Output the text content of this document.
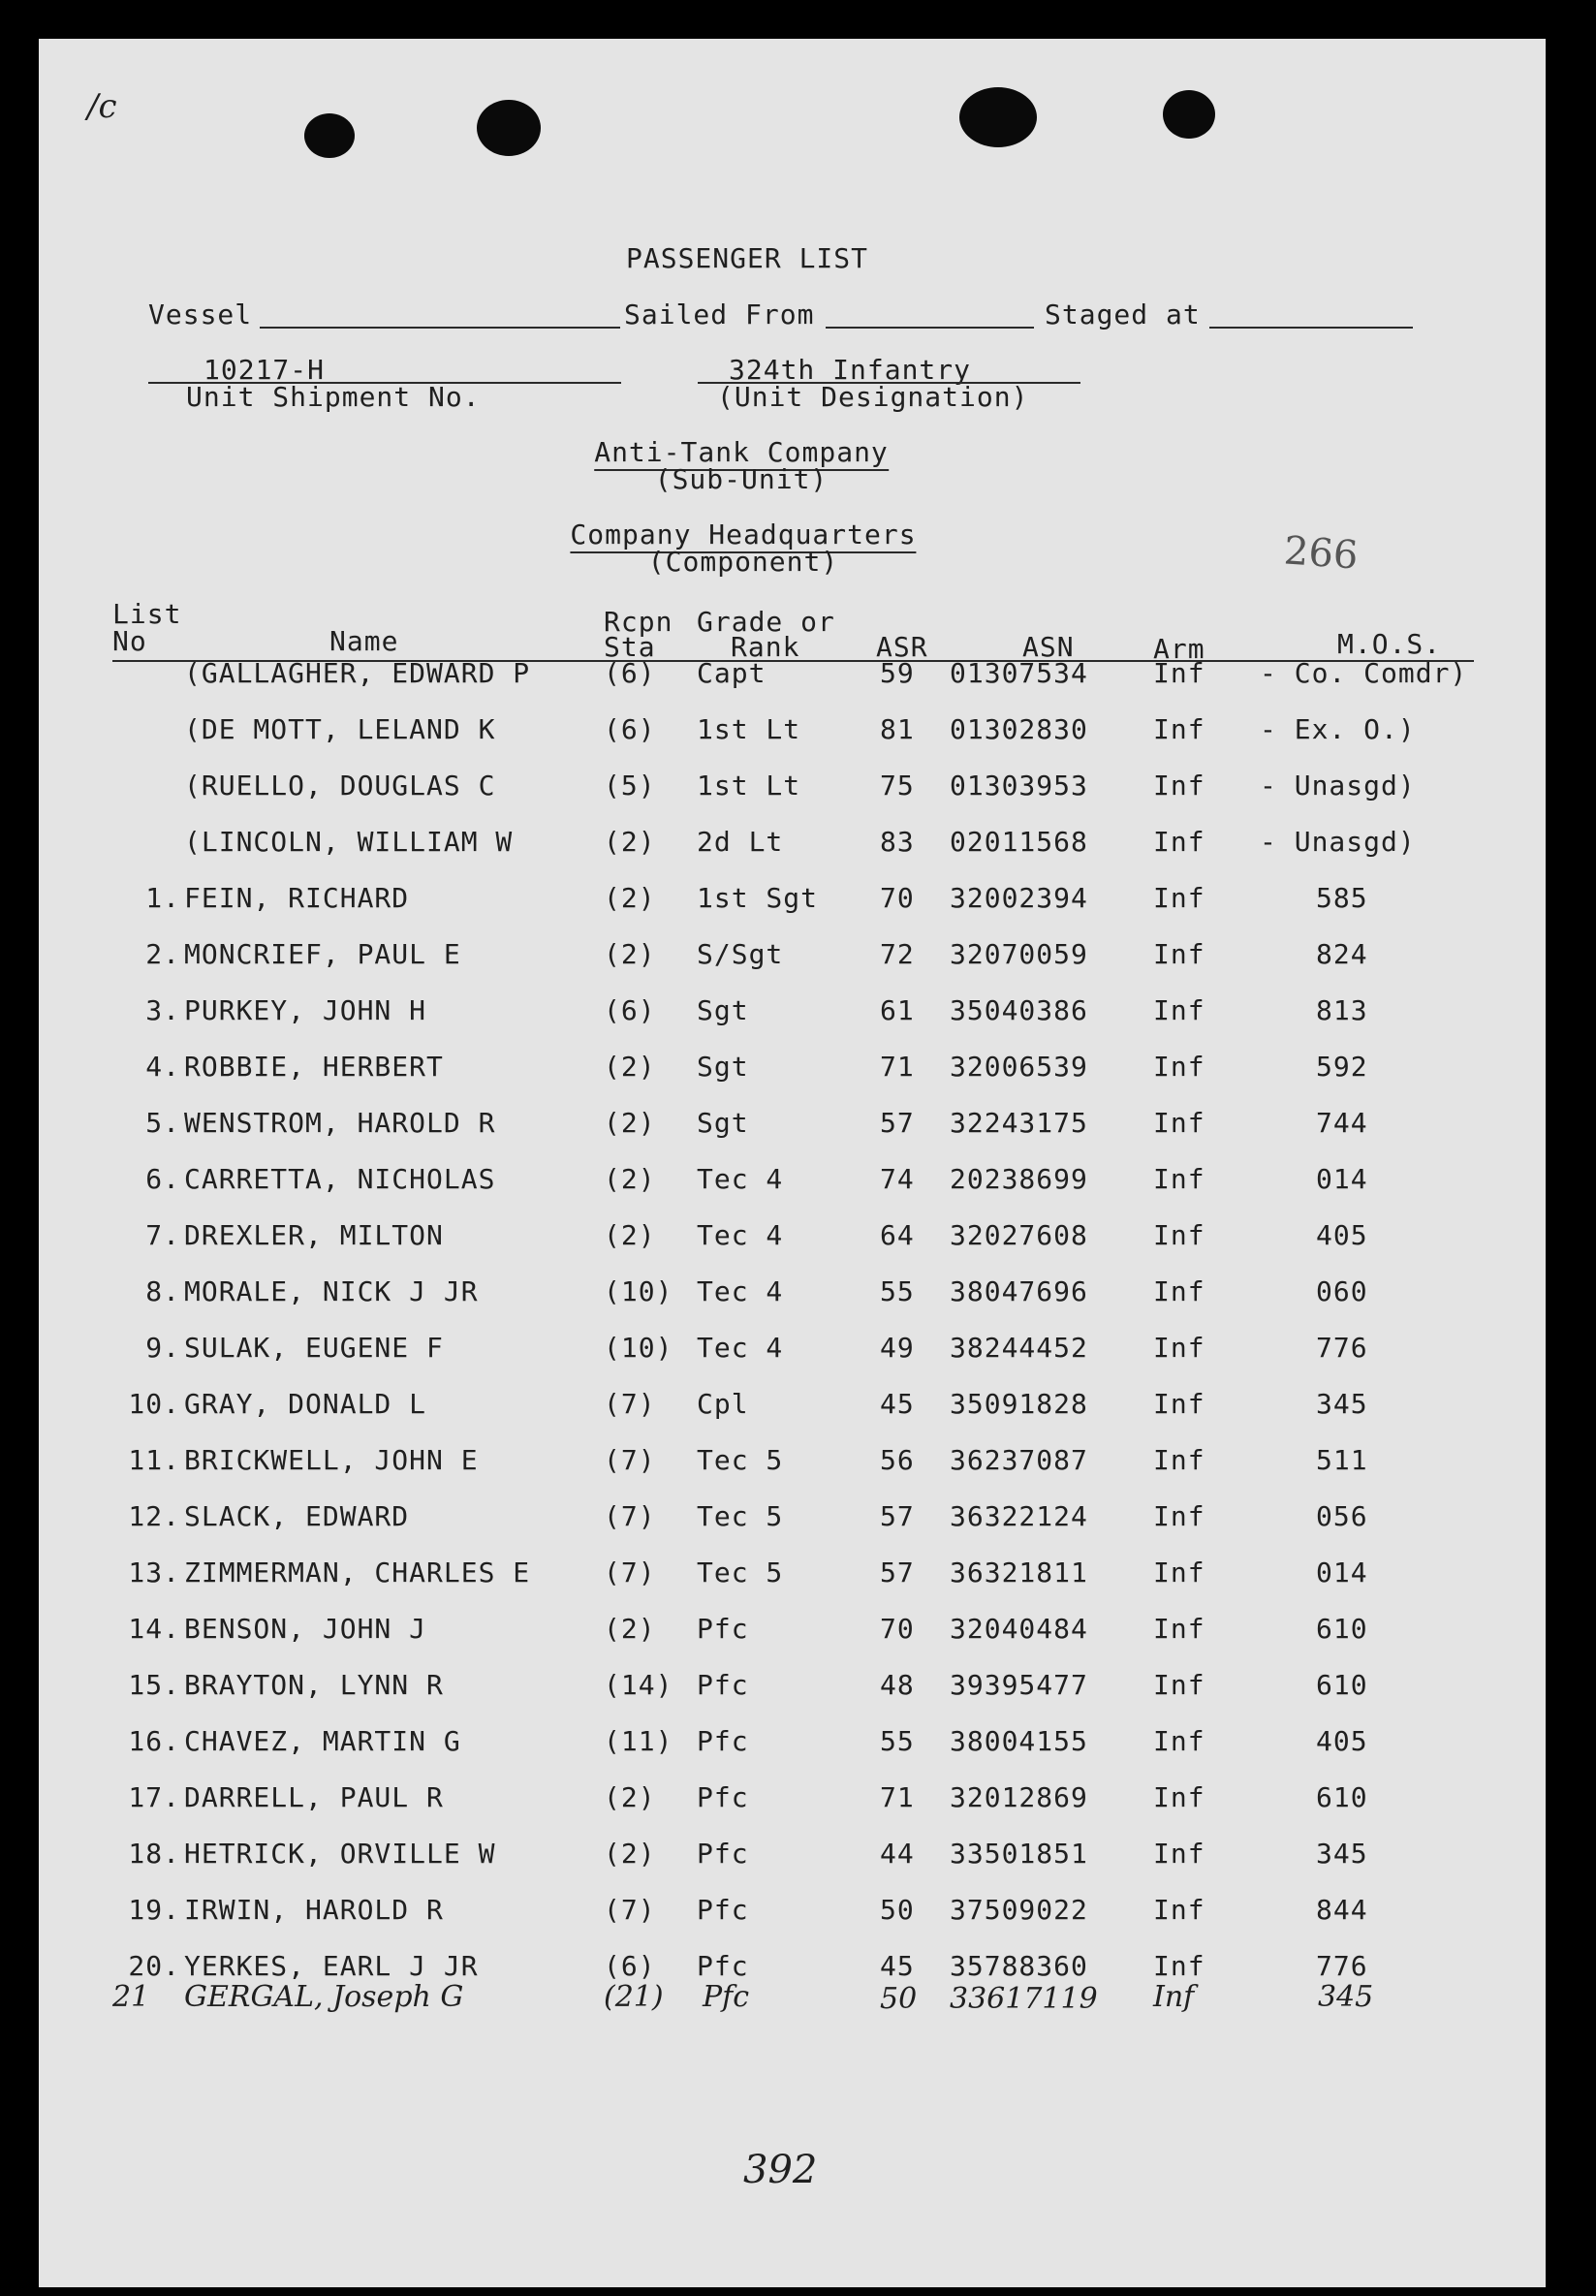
/c
PASSENGER LIST
Vessel	Sailed From	Staged at
10217-H
Unit Shipment No.
324th Infantry
(Unit Designation)
Anti-Tank Company
(Sub-Unit)
Company Headquarters
(Component)	266
List
No	Name
Rcpn
Sta
Grade or
Rank	ASR	ASN	Arm	M.O.S.
(GALLAGHER, EDWARD P	(6) Capt	59 01307534 Inf - Co. Comdr)
(DE MOTT, LELAND K	(6) 1st Lt	81 01302830 Inf - Ex. O.)
(RUELLO, DOUGLAS C	(5) 1st Lt	75 01303953 Inf - Unasgd)
(LINCOLN, WILLIAM W	(2) 2d Lt	83 02011568 Inf - Unasgd)
1. FEIN, RICHARD	(2) 1st Sgt 70 32002394 Inf	585
2. MONCRIEF, PAUL E	(2) S/Sgt	72 32070059 Inf	824
3. PURKEY, JOHN H	(6) Sgt	61 35040386 Inf	813
4. ROBBIE, HERBERT	(2) Sgt	71 32006539 Inf	592
5. WENSTROM, HAROLD R	(2) Sgt	57 32243175 Inf	744
6. CARRETTA, NICHOLAS	(2) Tec 4	74 20238699 Inf	014
7. DREXLER, MILTON	(2) Tec 4	64 32027608 Inf	405
8. MORALE, NICK J JR	(10) Tec 4	55 38047696 Inf	060
9. SULAK, EUGENE F	(10) Tec 4	49 38244452 Inf	776
10. GRAY, DONALD L	(7) Cpl	45 35091828 Inf	345
11. BRICKWELL, JOHN E	(7) Tec 5	56 36237087 Inf	511
12. SLACK, EDWARD	(7) Tec 5	57 36322124 Inf	056
13. ZIMMERMAN, CHARLES E	(7) Tec 5	57 36321811 Inf	014
14. BENSON, JOHN J	(2) Pfc	70 32040484 Inf	610
15. BRAYTON, LYNN R	(14) Pfc	48 39395477 Inf	610
16. CHAVEZ, MARTIN G	(11) Pfc	55 38004155 Inf	405
17. DARRELL, PAUL R	(2) Pfc	71 32012869 Inf	610
18. HETRICK, ORVILLE W	(2) Pfc	44 33501851 Inf	345
19. IRWIN, HAROLD R	(7) Pfc	50 37509022 Inf	844
20. YERKES, EARL J JR	(6) Pfc	45 35788360 Inf	776
21 GERGAL, Joseph G	(21) Pfc	50 33617119 Inf	345
392
